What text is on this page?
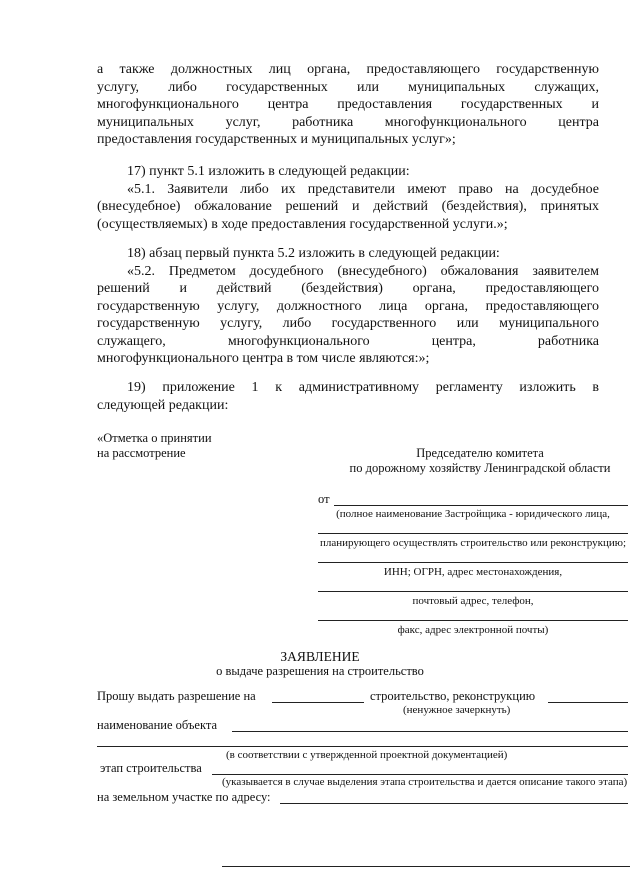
а также должностных лиц органа, предоставляющего государственную
услугу, либо государственных или муниципальных служащих,
многофункционального центра предоставления государственных и
муниципальных услуг, работника многофункционального центра
предоставления государственных и муниципальных услуг»;
17) пункт 5.1 изложить в следующей редакции:
«5.1. Заявители либо их представители имеют право на досудебное
(внесудебное) обжалование решений и действий (бездействия), принятых
(осуществляемых) в ходе предоставления государственной услуги.»;
18) абзац первый пункта 5.2 изложить в следующей редакции:
«5.2. Предметом досудебного (внесудебного) обжалования заявителем
решений и действий (бездействия) органа, предоставляющего
государственную услугу, должностного лица органа, предоставляющего
государственную услугу, либо государственного или муниципального
служащего, многофункционального центра, работника
многофункционального центра в том числе являются:»;
19) приложение 1 к административному регламенту изложить в
следующей редакции:
«Отметка о принятии
на рассмотрение	Председателю комитета
по дорожному хозяйству Ленинградской области
от
(полное наименование Застройщика - юридического лица,
планирующего осуществлять строительство или реконструкцию;
ИНН; ОГРН, адрес местонахождения,
почтовый адрес, телефон,
факс, адрес электронной почты)
ЗАЯВЛЕНИЕ
о выдаче разрешения на строительство
Прошу выдать разрешение на	строительство, реконструкцию
(ненужное зачеркнуть)
наименование объекта
(в соответствии с утвержденной проектной документацией)
этап строительства
(указывается в случае выделения этапа строительства и дается описание такого этапа)
на земельном участке по адресу:
